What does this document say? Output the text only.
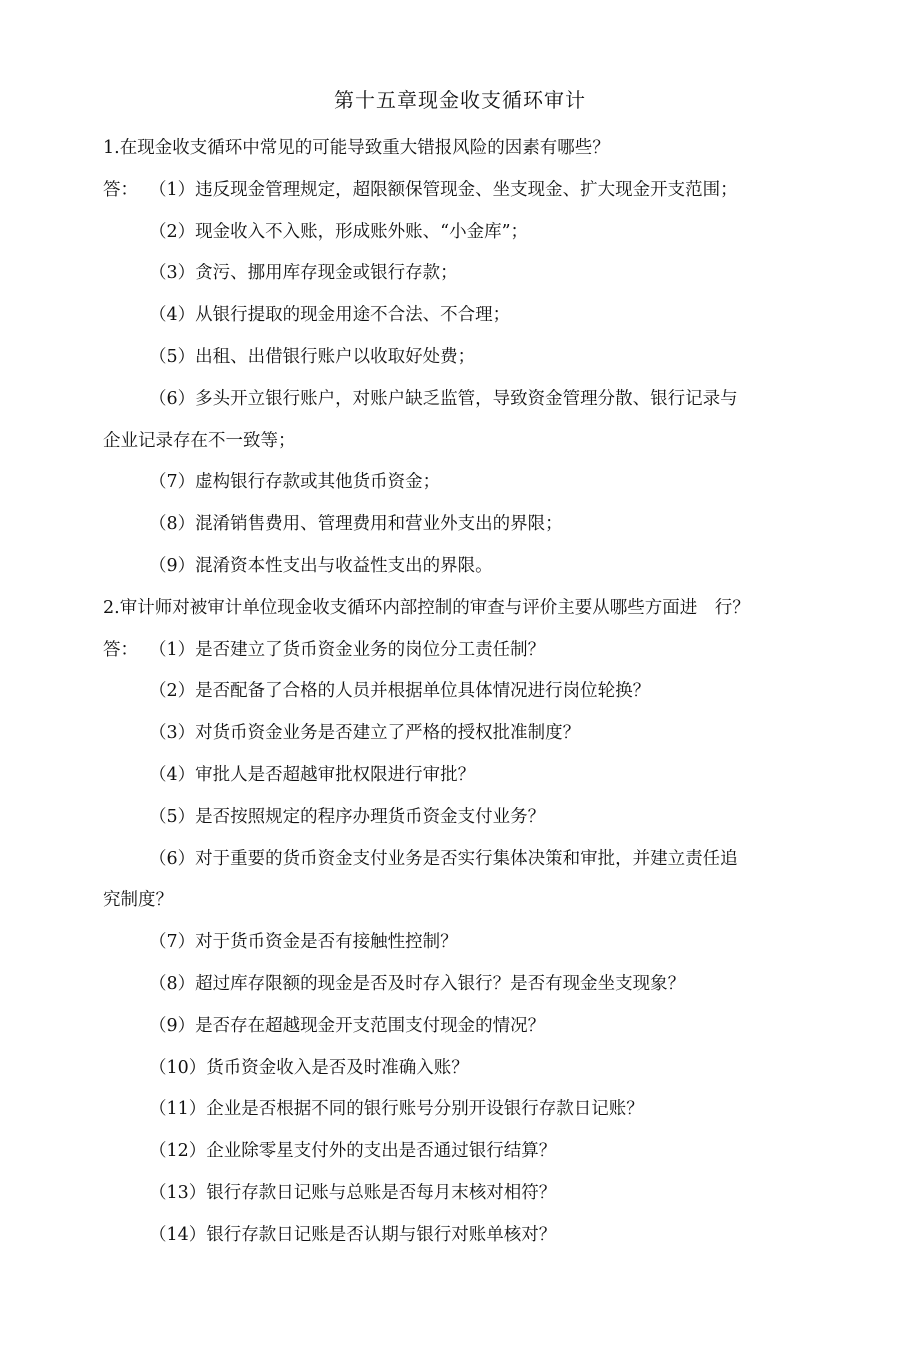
第十五章现金收支循环审计
1.在现金收支循环中常见的可能导致重大错报风险的因素有哪些？
答： （1）违反现金管理规定，超限额保管现金、坐支现金、扩大现金开支范围；
（2）现金收入不入账，形成账外账、“小金库”；
（3）贪污、挪用库存现金或银行存款；
（4）从银行提取的现金用途不合法、不合理；
（5）出租、出借银行账户以收取好处费；
（6）多头开立银行账户，对账户缺乏监管，导致资金管理分散、银行记录与
企业记录存在不一致等；
（7）虚构银行存款或其他货币资金；
（8）混淆销售费用、管理费用和营业外支出的界限；
（9）混淆资本性支出与收益性支出的界限。
2.审计师对被审计单位现金收支循环内部控制的审查与评价主要从哪些方面进　行？
答： （1）是否建立了货币资金业务的岗位分工责任制？
（2）是否配备了合格的人员并根据单位具体情况进行岗位轮换？
（3）对货币资金业务是否建立了严格的授权批准制度？
（4）审批人是否超越审批权限进行审批？
（5）是否按照规定的程序办理货币资金支付业务？
（6）对于重要的货币资金支付业务是否实行集体决策和审批，并建立责任追
究制度？
（7）对于货币资金是否有接触性控制？
（8）超过库存限额的现金是否及时存入银行？是否有现金坐支现象？
（9）是否存在超越现金开支范围支付现金的情况？
（10）货币资金收入是否及时准确入账？
（11）企业是否根据不同的银行账号分别开设银行存款日记账？
（12）企业除零星支付外的支出是否通过银行结算？
（13）银行存款日记账与总账是否每月末核对相符？
（14）银行存款日记账是否认期与银行对账单核对？
